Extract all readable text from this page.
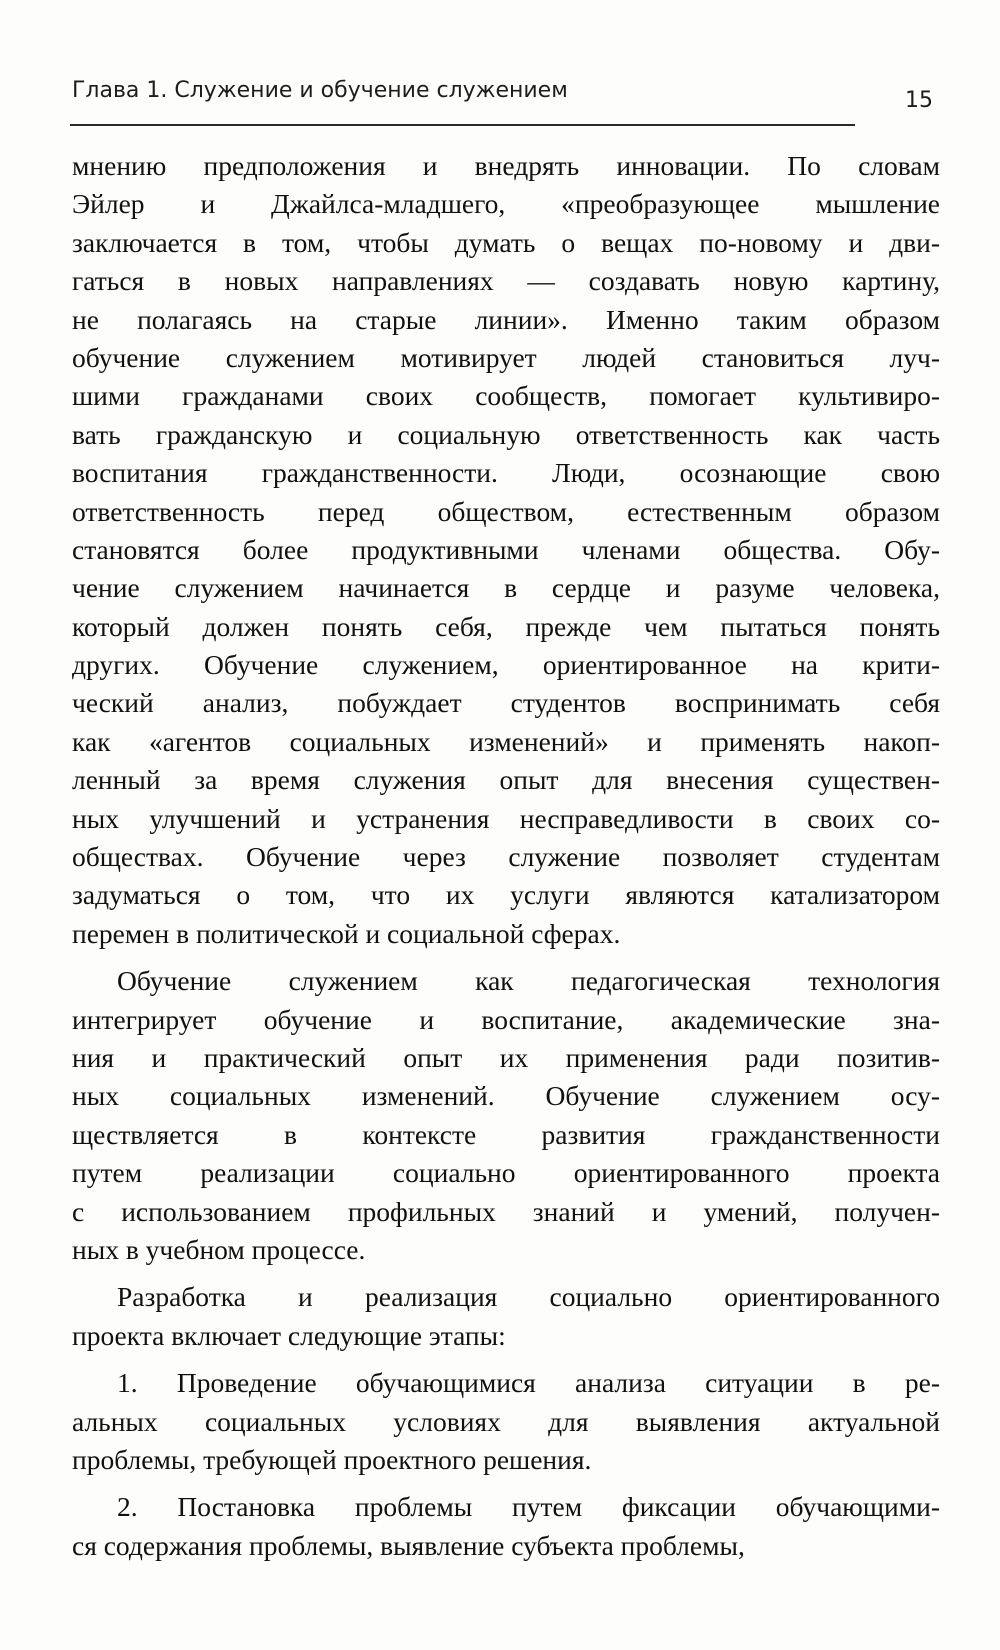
Глава 1. Служение и обучение служением	15
мнению предположения и внедрять инновации. По словам
Эйлер и Джайлса-младшего, «преобразующее мышление
заключается в том, чтобы думать о вещах по-новому и дви-
гаться в новых направлениях — создавать новую картину,
не полагаясь на старые линии». Именно таким образом
обучение служением мотивирует людей становиться луч-
шими гражданами своих сообществ, помогает культивиро-
вать гражданскую и социальную ответственность как часть
воспитания гражданственности. Люди, осознающие свою
ответственность перед обществом, естественным образом
становятся более продуктивными членами общества. Обу-
чение служением начинается в сердце и разуме человека,
который должен понять себя, прежде чем пытаться понять
других. Обучение служением, ориентированное на крити-
ческий анализ, побуждает студентов воспринимать себя
как «агентов социальных изменений» и применять накоп-
ленный за время служения опыт для внесения существен-
ных улучшений и устранения несправедливости в своих со-
обществах. Обучение через служение позволяет студентам
задуматься о том, что их услуги являются катализатором
перемен в политической и социальной сферах.
Обучение служением как педагогическая технология
интегрирует обучение и воспитание, академические зна-
ния и практический опыт их применения ради позитив-
ных социальных изменений. Обучение служением осу-
ществляется в контексте развития гражданственности
путем реализации социально ориентированного проекта
с использованием профильных знаний и умений, получен-
ных в учебном процессе.
Разработка и реализация социально ориентированного
проекта включает следующие этапы:
1. Проведение обучающимися анализа ситуации в ре-
альных социальных условиях для выявления актуальной
проблемы, требующей проектного решения.
2. Постановка проблемы путем фиксации обучающими-
ся содержания проблемы, выявление субъекта проблемы,
